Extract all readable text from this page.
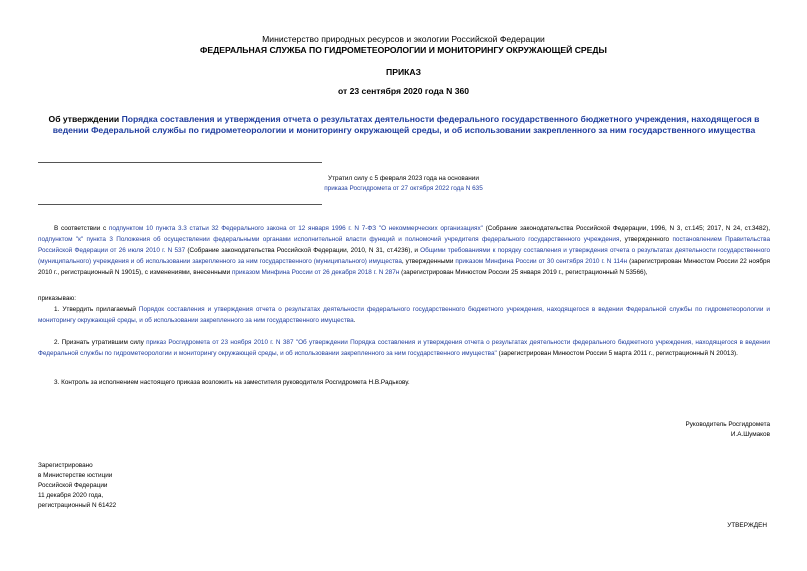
Министерство природных ресурсов и экологии Российской Федерации
ФЕДЕРАЛЬНАЯ СЛУЖБА ПО ГИДРОМЕТЕОРОЛОГИИ И МОНИТОРИНГУ ОКРУЖАЮЩЕЙ СРЕДЫ
ПРИКАЗ
от 23 сентября 2020 года N 360
Об утверждении Порядка составления и утверждения отчета о результатах деятельности федерального государственного бюджетного учреждения, находящегося в ведении Федеральной службы по гидрометеорологии и мониторингу окружающей среды, и об использовании закрепленного за ним государственного имущества
Утратил силу с 5 февраля 2023 года на основании
приказа Росгидромета от 27 октября 2022 года N 635
В соответствии с подпунктом 10 пункта 3.3 статьи 32 Федерального закона от 12 января 1996 г. N 7-ФЗ "О некоммерческих организациях" (Собрание законодательства Российской Федерации, 1996, N 3, ст.145; 2017, N 24, ст.3482), подпунктом "к" пункта 3 Положения об осуществлении федеральными органами исполнительной власти функций и полномочий учредителя федерального государственного учреждения, утвержденного постановлением Правительства Российской Федерации от 26 июля 2010 г. N 537 (Собрание законодательства Российской Федерации, 2010, N 31, ст.4236), и Общими требованиями к порядку составления и утверждения отчета о результатах деятельности государственного (муниципального) учреждения и об использовании закрепленного за ним государственного (муниципального) имущества, утвержденными приказом Минфина России от 30 сентября 2010 г. N 114н (зарегистрирован Минюстом России 22 ноября 2010 г., регистрационный N 19015), с изменениями, внесенными приказом Минфина России от 26 декабря 2018 г. N 287н (зарегистрирован Минюстом России 25 января 2019 г., регистрационный N 53566),
приказываю:
1. Утвердить прилагаемый Порядок составления и утверждения отчета о результатах деятельности федерального государственного бюджетного учреждения, находящегося в ведении Федеральной службы по гидрометеорологии и мониторингу окружающей среды, и об использовании закрепленного за ним государственного имущества.
2. Признать утратившим силу приказ Росгидромета от 23 ноября 2010 г. N 387 "Об утверждении Порядка составления и утверждения отчета о результатах деятельности федерального бюджетного учреждения, находящегося в ведении Федеральной службы по гидрометеорологии и мониторингу окружающей среды, и об использовании закрепленного за ним государственного имущества" (зарегистрирован Минюстом России 5 марта 2011 г., регистрационный N 20013).
3. Контроль за исполнением настоящего приказа возложить на заместителя руководителя Росгидромета Н.В.Радькову.
Руководитель Росгидромета
И.А.Шумаков
Зарегистрировано
в Министерстве юстиции
Российской Федерации
11 декабря 2020 года,
регистрационный N 61422
УТВЕРЖДЕН
